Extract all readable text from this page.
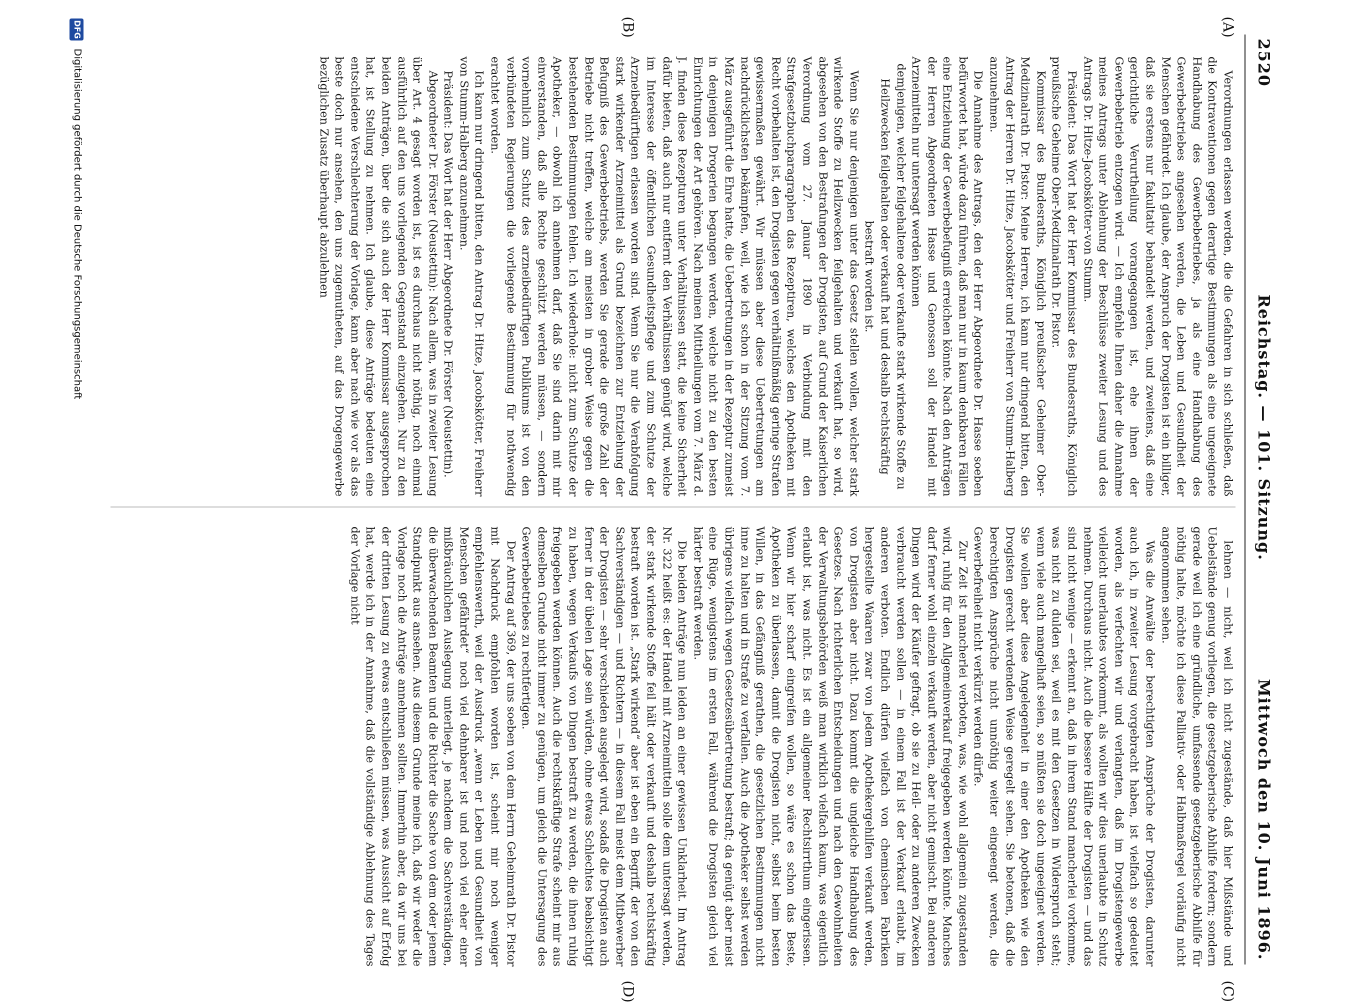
2520
Reichstag. — 101. Sitzung.
Mittwoch den 10. Juni 1896.
(A)
(B)
(C)
(D)

Verordnungen erlassen werden, die die Gefahren in sich schließen, daß die Kontraventionen gegen derartige Bestimmungen als eine ungeeignete Handhabung des Gewerbebetriebes, ja als eine Handhabung des Gewerbebetriebes angesehen werden, die Leben und Gesundheit der Menschen gefährdet. Ich glaube, der Anspruch der Drogisten ist ein billiger, daß sie erstens nur fakultativ behandelt werden, und zweitens, daß eine gerichtliche Verurtheilung vorangegangen ist, ehe ihnen der Gewerbebetrieb entzogen wird. — Ich empfehle Ihnen daher die Annahme meines Antrags unter Ablehnung der Beschlüsse zweiter Lesung und des Antrags Dr. Hitze-Jacobskötter-von Stumm.

Präsident: Das Wort hat der Herr Kommissar des Bundesraths, Königlich preußische Geheime Ober-Medizinalrath Dr. Pistor.

Kommissar des Bundesraths, Königlich preußischer Geheimer Ober-Medizinalrath Dr. Pistor: Meine Herren, ich kann nur dringend bitten, den Antrag der Herren Dr. Hitze, Jacobskötter und Freiherr von Stumm-Halberg anzunehmen.

Die Annahme des Antrags, den der Herr Abgeordnete Dr. Hasse soeben befürwortet hat, würde dazu führen, daß man nur in kaum denkbaren Fällen eine Entziehung der Gewerbebefugniß erreichen könnte. Nach den Anträgen der Herren Abgeordneten Hasse und Genossen soll der Handel mit Arzneimitteln nur untersagt werden können

demjenigen, welcher feilgehaltene oder verkaufte stark wirkende Stoffe zu Heilzwecken feilgehalten oder verkauft hat und deshalb rechtskräftig bestraft worden ist.

Wenn Sie nur denjenigen unter das Gesetz stellen wollen, welcher stark wirkende Stoffe zu Heilzwecken feilgehalten und verkauft hat, so wird, abgesehen von den Bestrafungen der Drogisten, auf Grund der Kaiserlichen Verordnung vom 27. Januar 1890 in Verbindung mit den Strafgesetzbuchparagraphen das Rezeptiren, welches den Apotheken mit Recht vorbehalten ist, den Drogisten gegen verhältnißmäßig geringe Strafen gewissermaßen gewährt. Wir müssen aber diese Uebertretungen am nachdrücklichsten bekämpfen, weil, wie ich schon in der Sitzung vom 7. März ausgeführt die Ehre hatte, die Uebertretungen in der Rezeptur zumeist in denjenigen Drogerien begangen werden, welche nicht zu den besten Einrichtungen der Art gehören. Nach meinen Mittheilungen vom 7. März d. J. finden diese Rezepturen unter Verhältnissen statt, die keine Sicherheit dafür bieten, daß auch nur entfernt den Verhältnissen genügt wird, welche im Interesse der öffentlichen Gesundheitspflege und zum Schutze der Arzneibedürftigen erlassen worden sind. Wenn Sie nur die Verabfolgung stark wirkender Arzneimittel als Grund bezeichnen zur Entziehung der Befugniß des Gewerbebetriebs, werden Sie gerade die große Zahl der Betriebe nicht treffen, welche am meisten in grober Weise gegen die bestehenden Bestimmungen fehlen. Ich wiederhole: nicht zum Schutze der Apotheker, — obwohl ich annehmen darf, daß Sie sind darin mit mir einverstanden, daß alle Rechte geschützt werden müssen, — sondern vornehmlich zum Schutz des arzneibedürftigen Publikums ist von den verbündeten Regierungen die vorliegende Bestimmung für nothwendig erachtet worden.

Ich kann nur dringend bitten, den Antrag Dr. Hitze, Jacobskötter, Freiherr von Stumm-Halberg anzunehmen.

Präsident: Das Wort hat der Herr Abgeordnete Dr. Förster (Neustettin).

Abgeordneter Dr. Förster (Neustettin): Nach allem, was in zweiter Lesung über Art. 4 gesagt worden ist, ist es durchaus nicht nöthig, noch einmal ausführlich auf den uns vorliegenden Gegenstand einzugehen. Nur zu den beiden Anträgen, über die sich auch der Herr Kommissar ausgesprochen hat, ist Stellung zu nehmen. Ich glaube, diese Anträge bedeuten eine entschiedene Verschlechterung der Vorlage, kann aber nach wie vor als das beste doch nur ansehen, den uns zugemutheten, auf das Drogengewerbe bezüglichen Zusatz überhaupt abzulehnen

lehnen — nicht, weil ich nicht zugestände, daß hier Mißstände und Uebelstände genug vorliegen, die gesetzgeberische Abhilfe fordern; sondern gerade weil ich eine gründliche, umfassende gesetzgeberische Abhilfe für nöthig halte, möchte ich diese Palliativ- oder Halbmaßregel vorläufig nicht angenommen sehen.

Was die Anwälte der berechtigten Ansprüche der Drogisten, darunter auch ich, in zweiter Lesung vorgebracht haben, ist vielfach so gedeutet worden, als verfechten wir und verlangten, daß im Drogistengewerbe vielleicht unerlaubtes vorkommt, als wollten wir dies unerlaubte in Schutz nehmen. Durchaus nicht. Auch die bessere Hälfte der Drogisten — und das sind nicht wenige — erkennt an, daß in ihrem Stand mancherlei vorkomme, was nicht zu dulden sei, weil es mit den Gesetzen in Widerspruch steht; wenn viele auch mangelhaft seien, so müßten sie doch ungeeignet werden. Sie wollen aber diese Angelegenheit in einer den Apotheken wie den Drogisten gerecht werdenden Weise geregelt sehen. Sie betonen, daß die berechtigten Ansprüche nicht unnöthig weiter eingeengt werden, die Gewerbefreiheit nicht verkürzt werden dürfe.

Zur Zeit ist mancherlei verboten, was, wie wohl allgemein zugestanden wird, ruhig für den Allgemeinverkauf freigegeben werden könnte. Manches darf ferner wohl einzeln verkauft werden, aber nicht gemischt. Bei anderen Dingen wird der Käufer gefragt, ob sie zu Heil- oder zu anderen Zwecken verbraucht werden sollen — in einem Fall ist der Verkauf erlaubt, im anderen verboten. Endlich dürfen vielfach von chemischen Fabriken hergestellte Waaren zwar von jedem Apothekergehilfen verkauft werden, von Drogisten aber nicht. Dazu kommt die ungleiche Handhabung des Gesetzes. Nach richterlichen Entscheidungen und nach den Gewohnheiten der Verwaltungsbehörden weiß man wirklich vielfach kaum, was eigentlich erlaubt ist, was nicht. Es ist ein allgemeiner Rechtsirrthum eingerissen. Wenn wir hier scharf eingreifen wollen, so wäre es schon das Beste, Apotheken zu überlassen, damit die Drogisten nicht, selbst beim besten Willen, in das Gefängniß gerathen, die gesetzlichen Bestimmungen nicht inne zu halten und in Strafe zu verfallen. Auch die Apotheker selbst werden übrigens vielfach wegen Gesetzesübertretung bestraft; da genügt aber meist eine Rüge, wenigstens im ersten Fall, während die Drogisten gleich viel härter bestraft werden.

Die beiden Anträge nun leiden an einer gewissen Unklarheit. Im Antrag Nr. 322 heißt es: der Handel mit Arzneimitteln solle dem untersagt werden, der stark wirkende Stoffe feil hält oder verkauft und deshalb rechtskräftig bestraft worden ist. „Stark wirkend“ aber ist eben ein Begriff, der von den Sachverständigen — und Richtern — in diesem Fall meist dem Mitbewerber der Drogisten — sehr verschieden ausgelegt wird, sodaß die Drogisten auch ferner in der übelen Lage sein würden, ohne etwas Schlechtes beabsichtigt zu haben, wegen Verkaufs von Dingen bestraft zu werden, die ihnen ruhig freigegeben werden können. Auch die rechtskräftige Strafe scheint mir aus demselben Grunde nicht immer zu genügen, um gleich die Untersagung des Gewerbebetriebes zu rechtfertigen.

Der Antrag auf 369, der uns soeben von dem Herrn Geheimrath Dr. Pistor mit Nachdruck empfohlen worden ist, scheint mir noch weniger empfehlenswerth, weil der Ausdruck „wenn er Leben und Gesundheit von Menschen gefährdet“ noch viel dehnbarer ist und noch viel eher einer mißbräuchlichen Auslegung unterliegt, je nachdem die Sachverständigen, die überwachenden Beamten und die Richter die Sache von dem oder jenem Standpunkt aus ansehen. Aus diesem Grunde meine ich, daß wir weder die Vorlage noch die Anträge annehmen sollten. Immerhin aber, da wir uns bei der dritten Lesung zu etwas entschließen müssen, was Aussicht auf Erfolg hat, werde ich in der Annahme, daß die vollständige Ablehnung des Tages der Vorlage nicht

DFG
Digitalisierung gefördert durch die Deutsche Forschungsgemeinschaft
